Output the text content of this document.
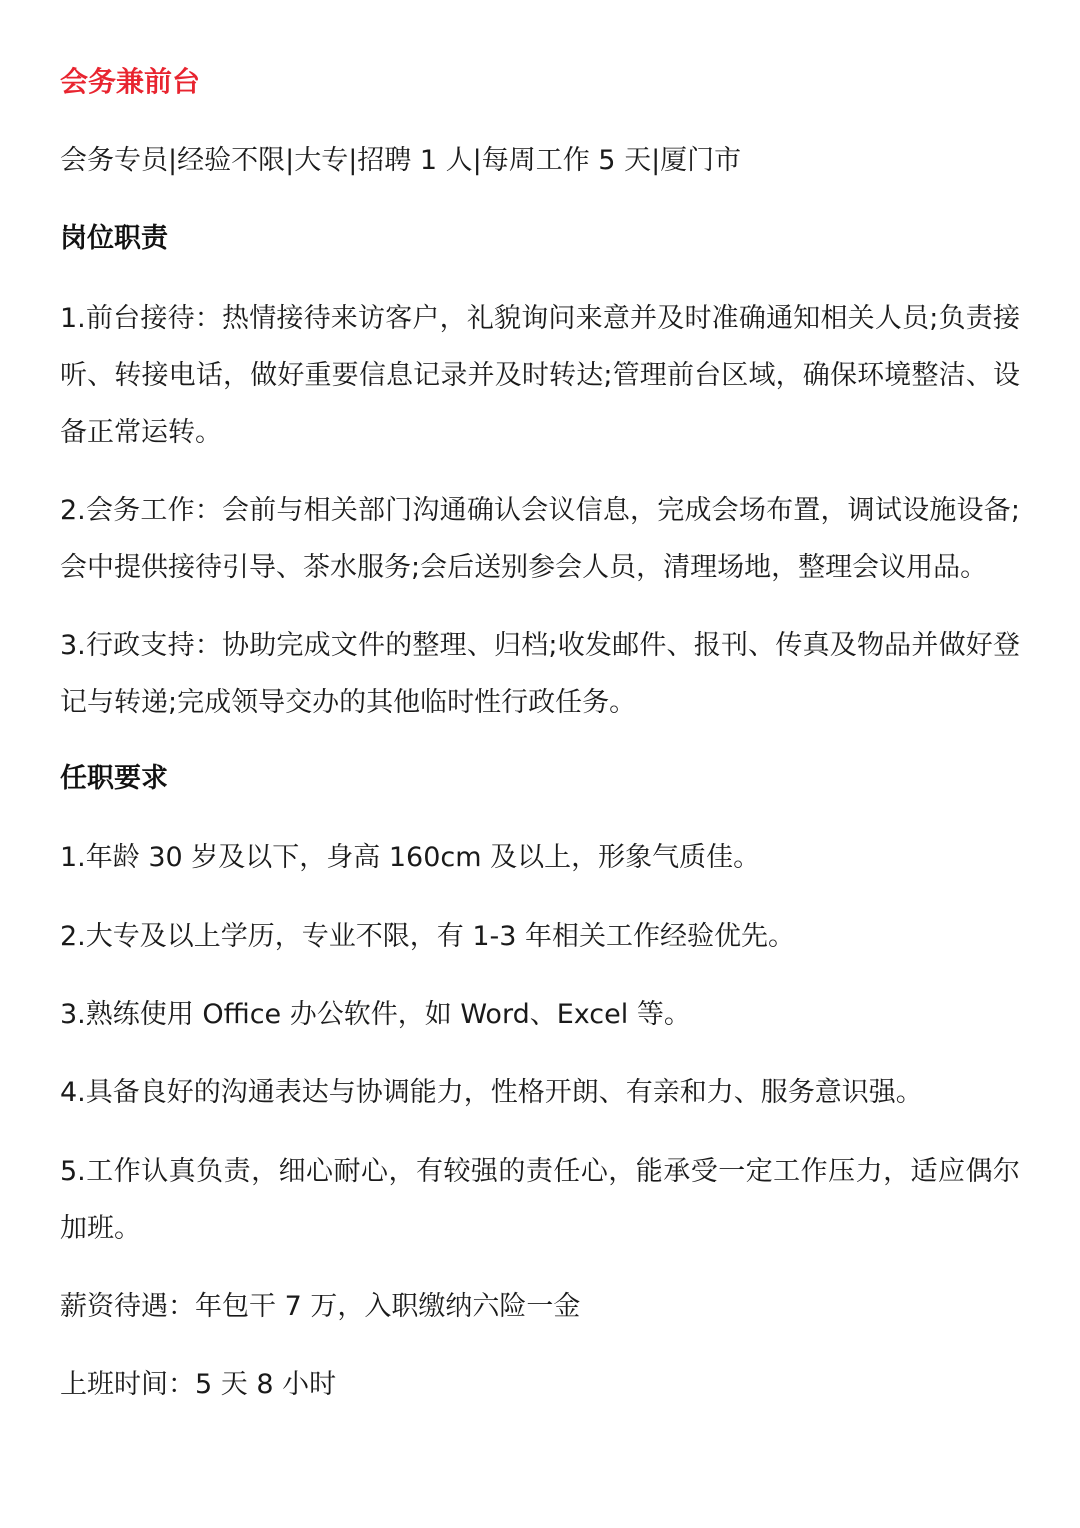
会务兼前台

会务专员|经验不限|大专|招聘 1 人|每周工作 5 天|厦门市

岗位职责

1.前台接待：热情接待来访客户，礼貌询问来意并及时准确通知相关人员;负责接听、转接电话，做好重要信息记录并及时转达;管理前台区域，确保环境整洁、设备正常运转。

2.会务工作：会前与相关部门沟通确认会议信息，完成会场布置，调试设施设备;会中提供接待引导、茶水服务;会后送别参会人员，清理场地，整理会议用品。

3.行政支持：协助完成文件的整理、归档;收发邮件、报刊、传真及物品并做好登记与转递;完成领导交办的其他临时性行政任务。

任职要求

1.年龄 30 岁及以下，身高 160cm 及以上，形象气质佳。

2.大专及以上学历，专业不限，有 1-3 年相关工作经验优先。

3.熟练使用 Office 办公软件，如 Word、Excel 等。

4.具备良好的沟通表达与协调能力，性格开朗、有亲和力、服务意识强。

5.工作认真负责，细心耐心，有较强的责任心，能承受一定工作压力，适应偶尔加班。

薪资待遇：年包干 7 万，入职缴纳六险一金

上班时间：5 天 8 小时
